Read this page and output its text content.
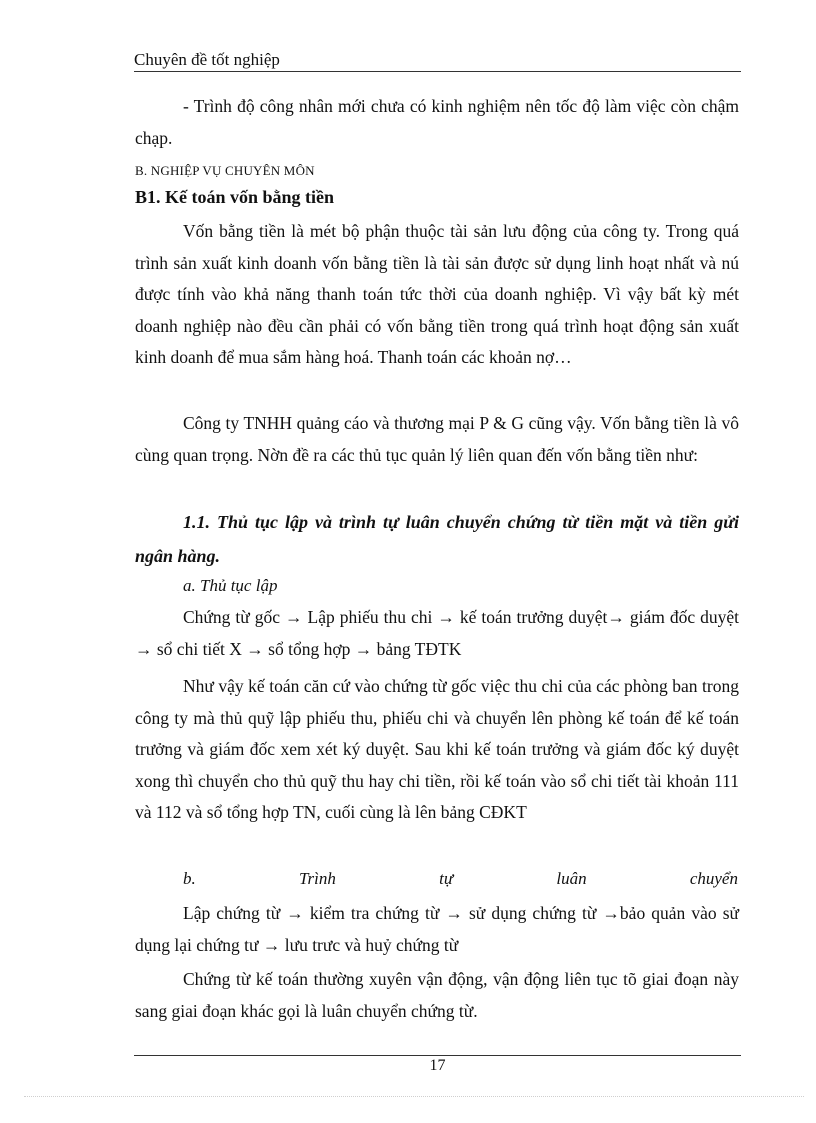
Chuyên đề tốt nghiệp
- Trình độ công nhân mới chưa có kinh nghiệm nên tốc độ làm việc còn chậm chạp.
B. NGHIỆP VỤ CHUYÊN MÔN
B1. Kế toán vốn bằng tiền
Vốn bằng tiền là mét bộ phận thuộc tài sản lưu động của công ty. Trong quá trình sản xuất kinh doanh vốn bằng tiền là tài sản được sử dụng linh hoạt nhất và nú được tính vào khả năng thanh toán tức thời của doanh nghiệp. Vì vậy bất kỳ mét doanh nghiệp nào đều cần phải có vốn bằng tiền trong quá trình hoạt động sản xuất kinh doanh để mua sắm hàng hoá. Thanh toán các khoản nợ…
Công ty TNHH quảng cáo và thương mại P & G cũng vậy. Vốn bằng tiền là vô cùng quan trọng. Nờn đề ra các thủ tục quản lý liên quan đến vốn bằng tiền như:
1.1. Thủ tục lập và trình tự luân chuyển chứng từ tiền mặt và tiền gửi ngân hàng.
a. Thủ tục lập
Chứng từ gốc → Lập phiếu thu chi → kế toán trưởng duyệt→ giám đốc duyệt → sổ chi tiết X → sổ tổng hợp → bảng TĐTK
Như vậy kế toán căn cứ vào chứng từ gốc việc thu chi của các phòng ban trong công ty mà thủ quỹ lập phiếu thu, phiếu chi và chuyển lên phòng kế toán để kế toán trưởng và giám đốc xem xét ký duyệt. Sau khi kế toán trưởng và giám đốc ký duyệt xong thì chuyển cho thủ quỹ thu hay chi tiền, rồi kế toán vào sổ chi tiết tài khoản 111 và 112 và sổ tổng hợp TN, cuối cùng là lên bảng CĐKT
b.	Trình	tự	luân	chuyển
Lập chứng từ → kiểm tra chứng từ → sử dụng chứng từ →bảo quản vào sử dụng lại chứng tư → lưu trưc và huỷ chứng từ
Chứng từ kế toán thường xuyên vận động, vận động liên tục tõ giai đoạn này sang giai đoạn khác gọi là luân chuyển chứng từ.
17
